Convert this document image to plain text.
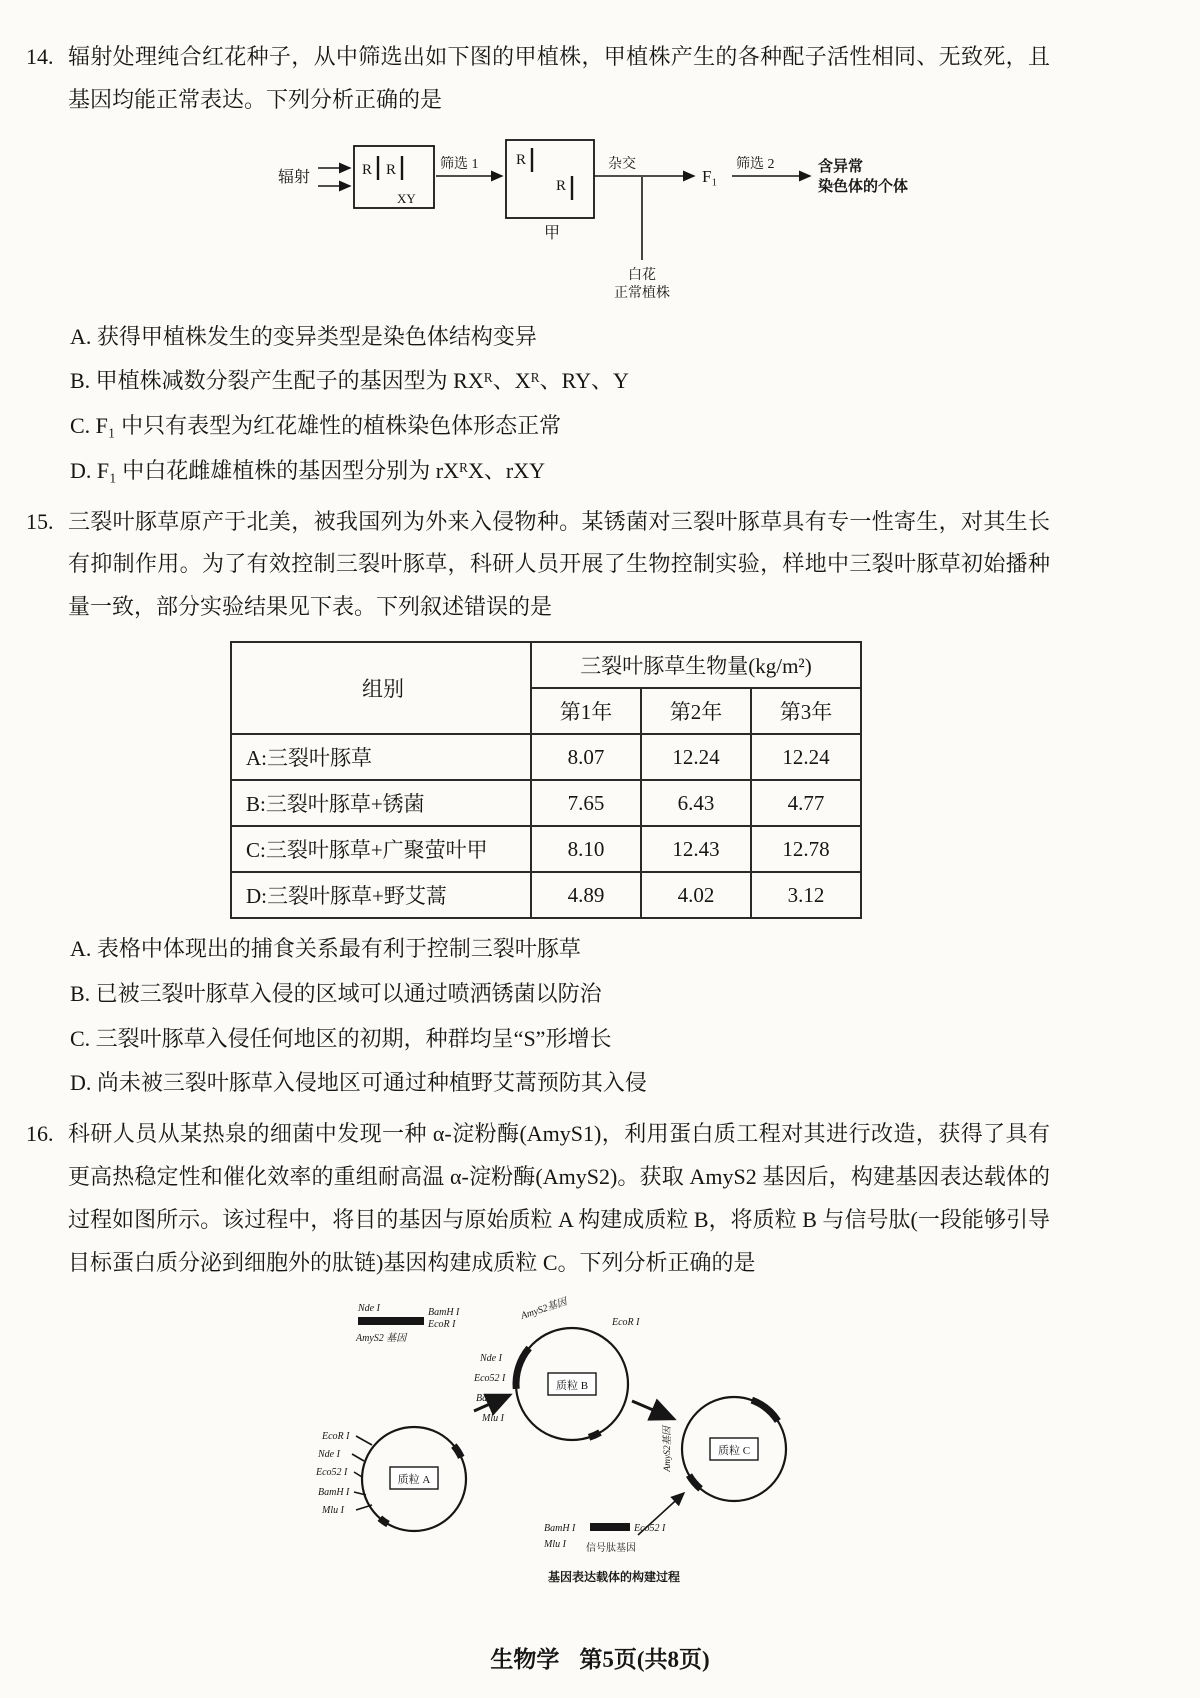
14. 辐射处理纯合红花种子，从中筛选出如下图的甲植株，甲植株产生的各种配子活性相同、无致死，且基因均能正常表达。下列分析正确的是
辐射	R R
XY
筛选 1	R
R
甲
杂交
白花
正常植株
F₁
筛选 2	含异常
染色体的个体
A. 获得甲植株发生的变异类型是染色体结构变异
B. 甲植株减数分裂产生配子的基因型为 RXᴿ、Xᴿ、RY、Y
C. F₁ 中只有表型为红花雄性的植株染色体形态正常
D. F₁ 中白花雌雄植株的基因型分别为 rXᴿX、rXY
15. 三裂叶豚草原产于北美，被我国列为外来入侵物种。某锈菌对三裂叶豚草具有专一性寄生，对其生长有抑制作用。为了有效控制三裂叶豚草，科研人员开展了生物控制实验，样地中三裂叶豚草初始播种量一致，部分实验结果见下表。下列叙述错误的是
组别	三裂叶豚草生物量(kg/m²)		
	第1年	第2年	第3年
A:三裂叶豚草	8.07	12.24	12.24
B:三裂叶豚草+锈菌	7.65	6.43	4.77
C:三裂叶豚草+广聚萤叶甲	8.10	12.43	12.78
D:三裂叶豚草+野艾蒿	4.89	4.02	3.12
A. 表格中体现出的捕食关系最有利于控制三裂叶豚草
B. 已被三裂叶豚草入侵的区域可以通过喷洒锈菌以防治
C. 三裂叶豚草入侵任何地区的初期，种群均呈“S”形增长
D. 尚未被三裂叶豚草入侵地区可通过种植野艾蒿预防其入侵
16. 科研人员从某热泉的细菌中发现一种 α-淀粉酶(AmyS1)，利用蛋白质工程对其进行改造，获得了具有更高热稳定性和催化效率的重组耐高温 α-淀粉酶(AmyS2)。获取 AmyS2 基因后，构建基因表达载体的过程如图所示。该过程中，将目的基因与原始质粒 A 构建成质粒 B，将质粒 B 与信号肽(一段能够引导目标蛋白质分泌到细胞外的肽链)基因构建成质粒 C。下列分析正确的是
Nde I	BamH I
EcoR I
AmyS2 基因
质粒 A
EcoR I
Nde I
Eco52 I
BamH I
Mlu I
AmyS2基因
EcoR I
Nde I
Eco52 I
BamH I
Mlu I
质粒 B
质粒 C
AmyS2基因
BamH I	Eco52 I
Mlu I 信号肽基因
基因表达载体的构建过程
生物学 第5页(共8页)
